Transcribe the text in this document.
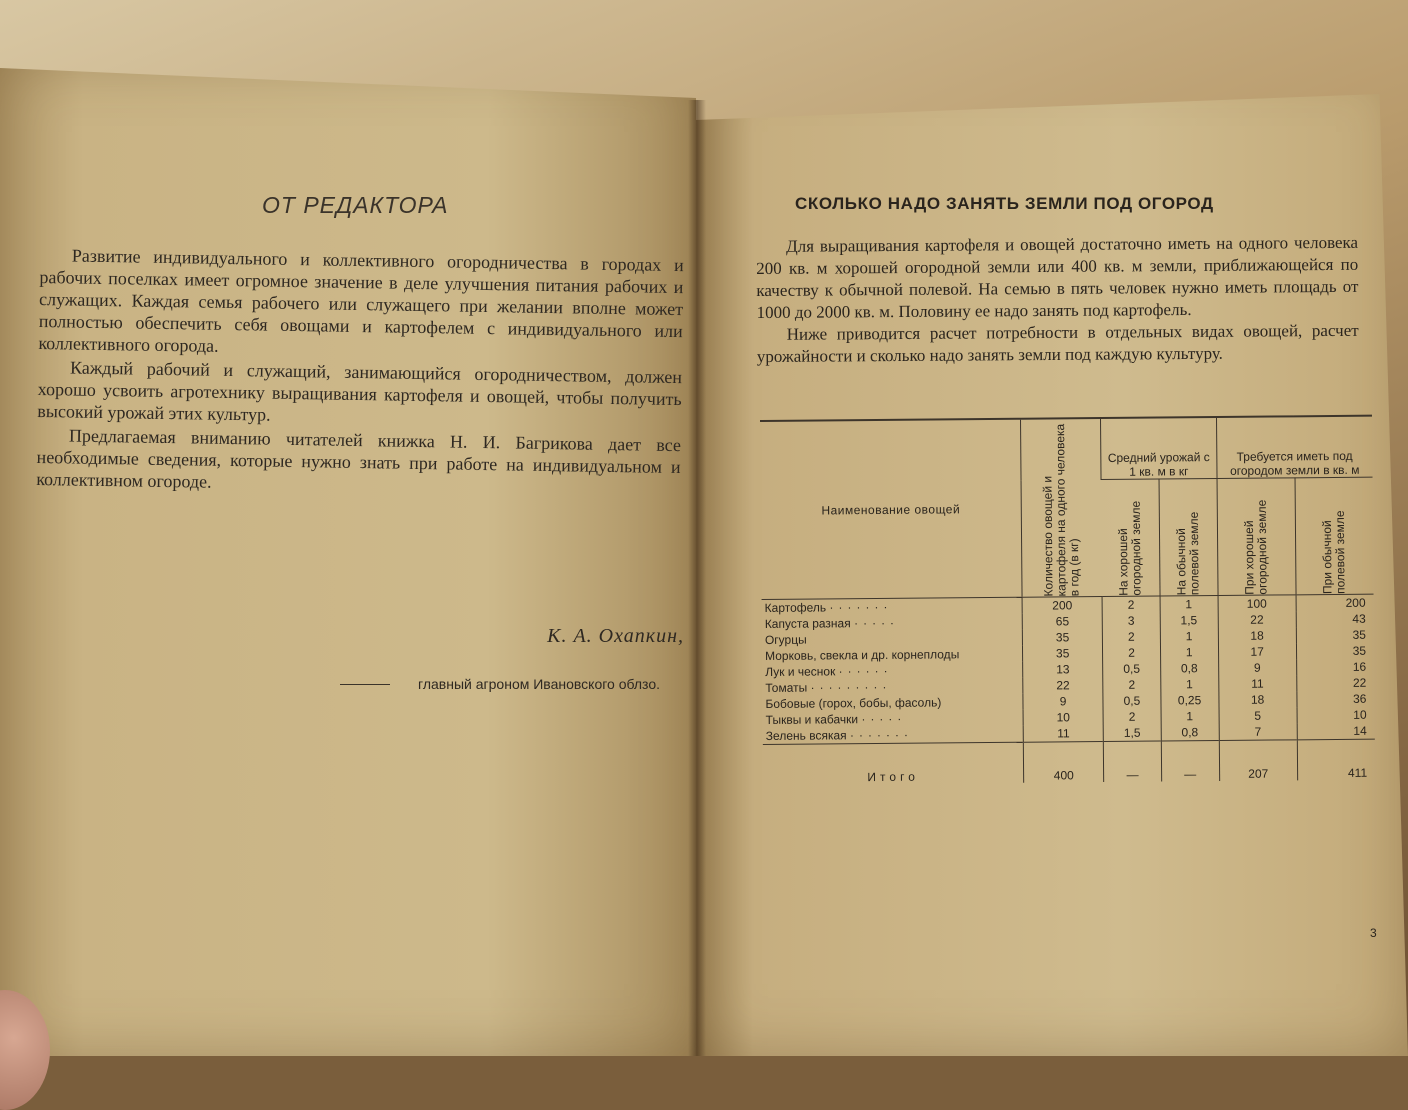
ОТ РЕДАКТОРА

Развитие индивидуального и коллективного огородничества в городах и рабочих поселках имеет огромное значение в деле улучшения питания рабочих и служащих. Каждая семья рабочего или служащего при желании вполне может полностью обеспечить себя овощами и картофелем с индивидуального или коллективного огорода.

Каждый рабочий и служащий, занимающийся огородничеством, должен хорошо усвоить агротехнику выращивания картофеля и овощей, чтобы получить высокий урожай этих культур.

Предлагаемая вниманию читателей книжка Н. И. Багрикова дает все необходимые сведения, которые нужно знать при работе на индивидуальном и коллективном огороде.

К. А. Охапкин,
главный агроном Ивановского облзо.
СКОЛЬКО НАДО ЗАНЯТЬ ЗЕМЛИ ПОД ОГОРОД

Для выращивания картофеля и овощей достаточно иметь на одного человека 200 кв. м хорошей огородной земли или 400 кв. м земли, приближающейся по качеству к обычной полевой. На семью в пять человек нужно иметь площадь от 1000 до 2000 кв. м. Половину ее надо занять под картофель.

Ниже приводится расчет потребности в отдельных видах овощей, расчет урожайности и сколько надо занять земли под каждую культуру.

Наименование овощей	Количество овощей и картофеля на одного человека в год (в кг)	Средний урожай с 1 кв. м в кг		Требуется иметь под огородом земли в кв. м	

		На хорошей огородной земле	На обычной полевой земле	При хорошей огородной земле	При обычной полевой земле

Картофель ·······	200	2	1	100	200
Капуста разная ·····	65	3	1,5	22	43
Огурцы	35	2	1	18	35
Морковь, свекла и др. корнеплоды	35	2	1	17	35
Лук и чеснок ······	13	0,5	0,8	9	16
Томаты ·········	22	2	1	11	22
Бобовые (горох, бобы, фасоль)	9	0,5	0,25	18	36
Тыквы и кабачки ·····	10	2	1	5	10
Зелень всякая ·······	11	1,5	0,8	7	14
Итого	400	—	—	207	411
3
